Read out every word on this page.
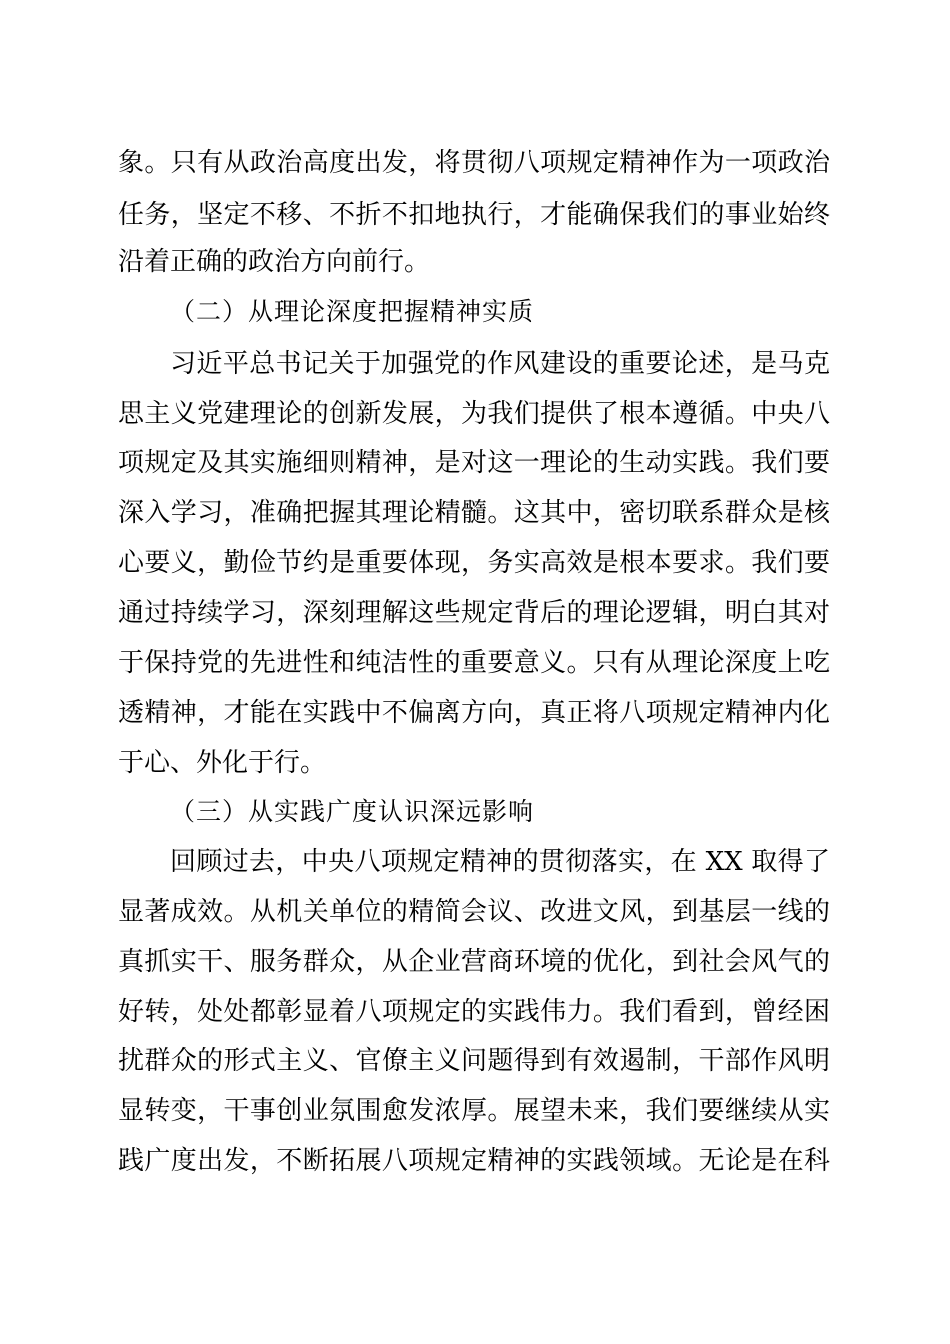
象。只有从政治高度出发，将贯彻八项规定精神作为一项政治
任务，坚定不移、不折不扣地执行，才能确保我们的事业始终
沿着正确的政治方向前行。
（二）从理论深度把握精神实质
习近平总书记关于加强党的作风建设的重要论述，是马克
思主义党建理论的创新发展，为我们提供了根本遵循。中央八
项规定及其实施细则精神，是对这一理论的生动实践。我们要
深入学习，准确把握其理论精髓。这其中，密切联系群众是核
心要义，勤俭节约是重要体现，务实高效是根本要求。我们要
通过持续学习，深刻理解这些规定背后的理论逻辑，明白其对
于保持党的先进性和纯洁性的重要意义。只有从理论深度上吃
透精神，才能在实践中不偏离方向，真正将八项规定精神内化
于心、外化于行。
（三）从实践广度认识深远影响
回顾过去，中央八项规定精神的贯彻落实，在 XX 取得了
显著成效。从机关单位的精简会议、改进文风，到基层一线的
真抓实干、服务群众，从企业营商环境的优化，到社会风气的
好转，处处都彰显着八项规定的实践伟力。我们看到，曾经困
扰群众的形式主义、官僚主义问题得到有效遏制，干部作风明
显转变，干事创业氛围愈发浓厚。展望未来，我们要继续从实
践广度出发，不断拓展八项规定精神的实践领域。无论是在科
